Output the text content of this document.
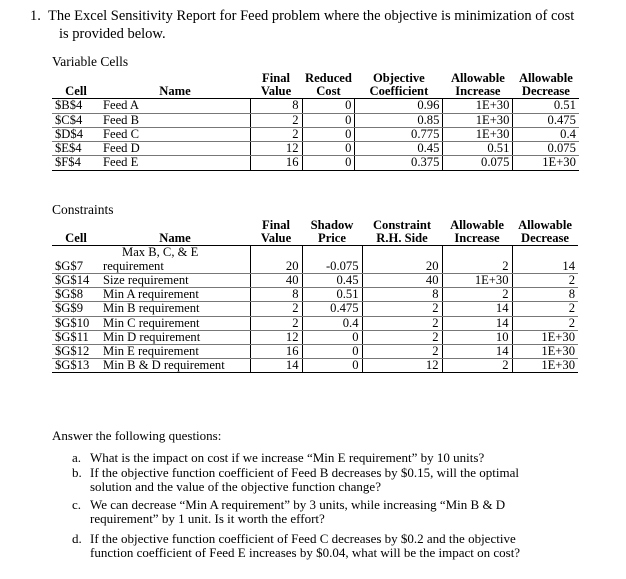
1. The Excel Sensitivity Report for Feed problem where the objective is minimization of cost
is provided below.
Variable Cells
		Final	Reduced	Objective	Allowable	Allowable
Cell	Name	Value	Cost	Coefficient	Increase	Decrease
$B$4	Feed A	8	0	0.96	1E+30	0.51
$C$4	Feed B	2	0	0.85	1E+30	0.475
$D$4	Feed C	2	0	0.775	1E+30	0.4
$E$4	Feed D	12	0	0.45	0.51	0.075
$F$4	Feed E	16	0	0.375	0.075	1E+30
Constraints
		Final	Shadow	Constraint	Allowable	Allowable
Cell	Name	Value	Price	R.H. Side	Increase	Decrease
	Max B, C, & E					
$G$7	requirement	20	-0.075	20	2	14
$G$14	Size requirement	40	0.45	40	1E+30	2
$G$8	Min A requirement	8	0.51	8	2	8
$G$9	Min B requirement	2	0.475	2	14	2
$G$10	Min C requirement	2	0.4	2	14	2
$G$11	Min D requirement	12	0	2	10	1E+30
$G$12	Min E requirement	16	0	2	14	1E+30
$G$13	Min B & D requirement	14	0	12	2	1E+30
Answer the following questions:
a. What is the impact on cost if we increase “Min E requirement” by 10 units?
b. If the objective function coefficient of Feed B decreases by $0.15, will the optimal
solution and the value of the objective function change?
c. We can decrease “Min A requirement” by 3 units, while increasing “Min B & D
requirement” by 1 unit. Is it worth the effort?
d. If the objective function coefficient of Feed C decreases by $0.2 and the objective
function coefficient of Feed E increases by $0.04, what will be the impact on cost?
